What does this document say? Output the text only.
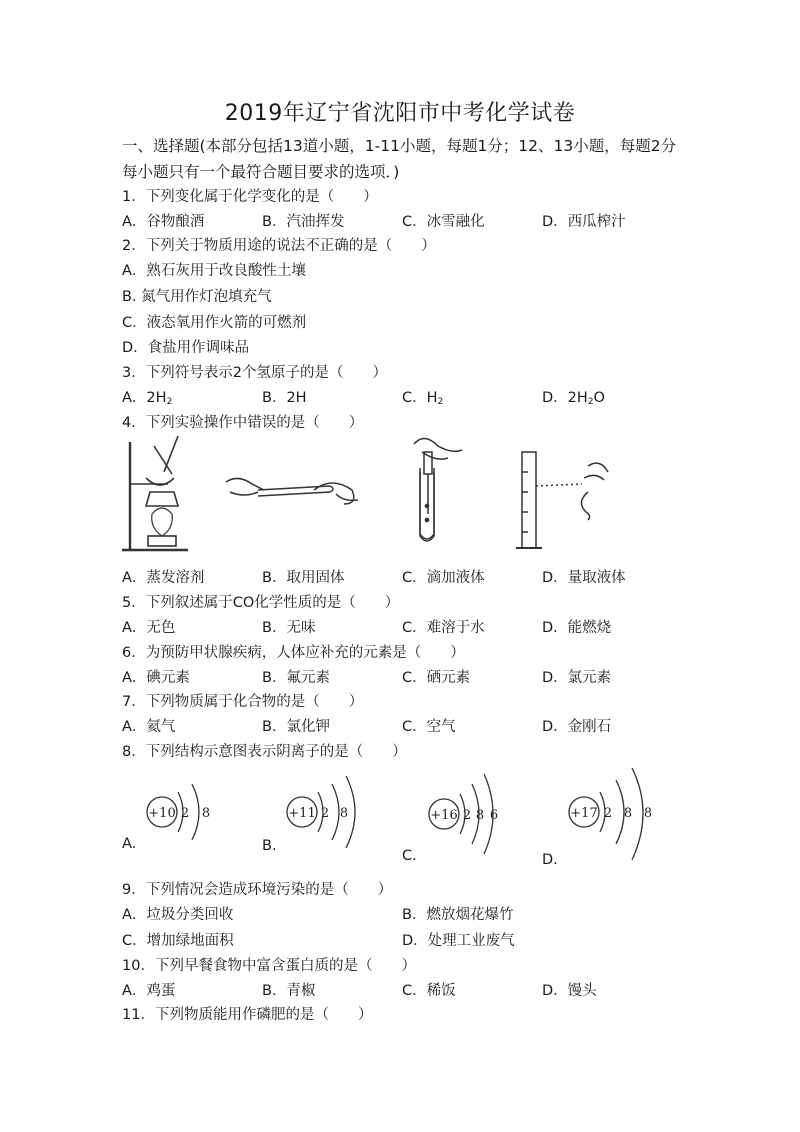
2019年辽宁省沈阳市中考化学试卷
一、选择题(本部分包括13道小题，1-11小题，每题1分；12、13小题，每题2分
每小题只有一个最符合题目要求的选项．)
1．下列变化属于化学变化的是（　　）
A．谷物酿酒	B．汽油挥发	C．冰雪融化	D．西瓜榨汁
2．下列关于物质用途的说法不正确的是（　　）
A．熟石灰用于改良酸性土壤
B. 氮气用作灯泡填充气
C．液态氧用作火箭的可燃剂
D．食盐用作调味品
3．下列符号表示2个氢原子的是（　　）
A．$2H_2$	B．2H	C．$H_2$	D．$2H_2O$
4．下列实验操作中错误的是（　　）
A．蒸发溶剂	B．取用固体	C．滴加液体	D．量取液体
5．下列叙述属于CO化学性质的是（　　）
A．无色	B．无味	C．难溶于水	D．能燃烧
6．为预防甲状腺疾病，人体应补充的元素是（　　）
A．碘元素	B．氟元素	C．硒元素	D．氯元素
7．下列物质属于化合物的是（　　）
A．氦气	B．氯化钾	C．空气	D．金刚石
8．下列结构示意图表示阴离子的是（　　）
+10 2 8	+11 2 8	+16 2 8 6	+17 2 8 8
A.	B.
C.	D.
9．下列情况会造成环境污染的是（　　）
A．垃圾分类回收	B．燃放烟花爆竹
C．增加绿地面积	D．处理工业废气
10．下列早餐食物中富含蛋白质的是（　　）
A．鸡蛋	B．青椒	C．稀饭	D．馒头
11．下列物质能用作磷肥的是（　　）
